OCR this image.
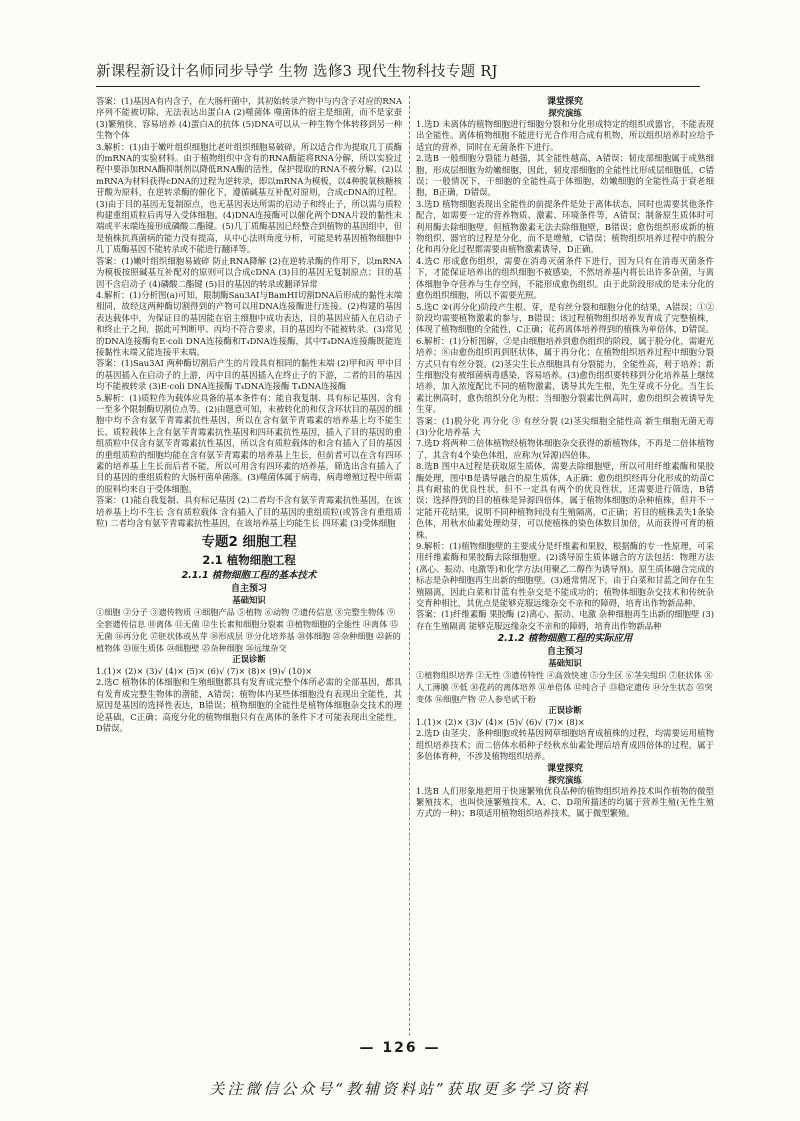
新课程新设计名师同步导学 生物 选修3 现代生物科技专题 RJ

答案：(1)基因A有内含子，在大肠杆菌中，其初始转录产物中与内含子对应的RNA序列不能被切除，无法表达出蛋白A (2)噬菌体 噬菌体的宿主是细菌，而不是家蚕 (3)繁殖快、容易培养 (4)蛋白A的抗体 (5)DNA可以从一种生物个体转移到另一种生物个体

3.解析：(1)由于嫩叶组织细胞比老叶组织细胞易破碎，所以适合作为提取几丁质酶的mRNA的实验材料。由于植物组织中含有的RNA酶能将RNA分解，所以实验过程中要添加RNA酶抑制剂以降低RNA酶的活性，保护提取的RNA不被分解。(2)以mRNA为材料获得cDNA的过程为逆转录，即以mRNA为模板，以4种脱氧核糖核苷酸为原料，在逆转录酶的催化下，遵循碱基互补配对原则，合成cDNA的过程。(3)由于目的基因无复制原点，也无基因表达所需的启动子和终止子，所以需与质粒构建重组质粒后再导入受体细胞。(4)DNA连接酶可以催化两个DNA片段的黏性末端或平末端连接形成磷酸二酯键。(5)几丁质酶基因已经整合到植物的基因组中，但是植株抗真菌病的能力没有提高，从中心法则角度分析，可能是转基因植物细胞中几丁质酶基因不能转录或不能进行翻译等。

答案：(1)嫩叶组织细胞易破碎 防止RNA降解 (2)在逆转录酶的作用下，以mRNA为模板按照碱基互补配对的原则可以合成cDNA (3)目的基因无复制原点；目的基因不含启动子 (4)磷酸二酯键 (5)目的基因的转录或翻译异常

4.解析：(1)分析图(a)可知，限制酶Sau3AⅠ与BamHⅠ切割DNA后形成的黏性末端相同，故经这两种酶切割得到的产物可以用DNA连接酶进行连接。(2)构建的基因表达载体中，为保证目的基因能在宿主细胞中成功表达，目的基因应插入在启动子和终止子之间，据此可判断甲、丙均不符合要求，目的基因均不能被转录。(3)常见的DNA连接酶有E·coli DNA连接酶和T₄DNA连接酶，其中T₄DNA连接酶既能连接黏性末端又能连接平末端。

答案：(1)Sau3AⅠ 两种酶切割后产生的片段具有相同的黏性末端 (2)甲和丙 甲中目的基因插入在启动子的上游，丙中目的基因插入在终止子的下游，二者的目的基因均不能被转录 (3)E·coli DNA连接酶 T₄DNA连接酶 T₄DNA连接酶

5.解析：(1)质粒作为载体应具备的基本条件有：能自我复制、具有标记基因、含有一至多个限制酶切割位点等。(2)由题意可知，未被转化的和仅含环状目的基因的细胞中均不含有氨苄青霉素抗性基因，所以在含有氨苄青霉素的培养基上均不能生长。质粒载体上含有氨苄青霉素抗性基因和四环素抗性基因，插入了目的基因的重组质粒中仅含有氨苄青霉素抗性基因，所以含有质粒载体的和含有插入了目的基因的重组质粒的细胞均能在含有氨苄青霉素的培养基上生长，但前者可以在含有四环素的培养基上生长而后者不能，所以可用含有四环素的培养基，筛选出含有插入了目的基因的重组质粒的大肠杆菌单菌落。(3)噬菌体属于病毒，病毒增殖过程中所需的原料均来自于受体细胞。

答案：(1)能自我复制、具有标记基因 (2)二者均不含有氨苄青霉素抗性基因，在该培养基上均不生长 含有质粒载体 含有插入了目的基因的重组质粒(或答含有重组质粒) 二者均含有氨苄青霉素抗性基因，在该培养基上均能生长 四环素 (3)受体细胞

专题2 细胞工程
2.1 植物细胞工程
2.1.1 植物细胞工程的基本技术
自主预习
基础知识

①细胞 ②分子 ③遗传物质 ④细胞产品 ⑤植物 ⑥动物 ⑦遗传信息 ⑧完整生物体 ⑨全套遗传信息 ⑩离体 ⑪无菌 ⑫生长素和细胞分裂素 ⑬植物细胞的全能性 ⑭离体 ⑮无菌 ⑯再分化 ⑰胚状体或丛芽 ⑱形成层 ⑲分化培养基 ⑳体细胞 ㉑杂种细胞 ㉒新的植物体 ㉓原生质体 ㉔细胞壁 ㉕杂种细胞 ㉖远缘杂交

正误诊断

1.(1)× (2)× (3)√ (4)× (5)× (6)√ (7)× (8)× (9)√ (10)×

2.选C 植物体的体细胞和生殖细胞都具有发育成完整个体所必需的全部基因，都具有发育成完整生物体的潜能，A错误；植物体内某些体细胞没有表现出全能性，其原因是基因的选择性表达，B错误；植物细胞的全能性是植物体细胞杂交技术的理论基础，C正确；高度分化的植物细胞只有在离体的条件下才可能表现出全能性，D错误。

课堂探究
探究演练

1.选D 未离体的植物细胞进行细胞分裂和分化形成特定的组织或器官，不能表现出全能性。离体植物细胞不能进行光合作用合成有机物，所以组织培养时应给予适宜的营养，同时在无菌条件下进行。

2.选B 一般细胞分裂能力越强，其全能性越高，A错误；韧皮部细胞属于成熟细胞，形成层细胞为幼嫩细胞，因此，韧皮部细胞的全能性比形成层细胞低，C错误；一般情况下，干细胞的全能性高于体细胞，幼嫩细胞的全能性高于衰老细胞，B正确，D错误。

3.选D 植物细胞表现出全能性的前提条件是处于离体状态，同时也需要其他条件配合，如需要一定的营养物质、激素、环境条件等，A错误；制备原生质体时可利用酶去除细胞壁，但植物激素无法去除细胞壁，B错误；愈伤组织形成新的植物组织、器官的过程是分化，而不是增殖，C错误；植物组织培养过程中的脱分化和再分化过程都需要由植物激素诱导，D正确。

4.选C 形成愈伤组织，需要在消毒灭菌条件下进行，因为只有在消毒灭菌条件下，才能保证培养出的组织细胞不被感染，不然培养基内将长出许多杂菌，与离体细胞争夺营养与生存空间，不能形成愈伤组织。由于此阶段形成的是未分化的愈伤组织细胞，所以不需要光照。

5.选C ②(再分化)阶段产生根、芽，是有丝分裂和细胞分化的结果，A错误；①②阶段均需要植物激素的参与，B错误；该过程植物组织培养发育成了完整植株，体现了植物细胞的全能性，C正确；花药离体培养得到的植株为单倍体，D错误。

6.解析：(1)分析图解，②是由细胞培养到愈伤组织的阶段，属于脱分化，需避光培养；⑧由愈伤组织再到胚状体，属于再分化；在植物组织培养过程中细胞分裂方式只有有丝分裂。(2)茎尖生长点细胞具有分裂能力，全能性高，利于培养；新生细胞没有被细菌病毒感染，容易培养。(3)愈伤组织要转移到分化培养基上继续培养，加入浓度配比不同的植物激素，诱导其先生根，先生芽或不分化。当生长素比例高时，愈伤组织分化为根；当细胞分裂素比例高时，愈伤组织会被诱导先生芽。

答案：(1)脱分化 再分化 ③ 有丝分裂 (2)茎尖细胞全能性高 新生细胞无菌无毒 (3)分化培养基 大

7.选D 将两种二倍体植物经植物体细胞杂交获得的新植物体，不再是二倍体植物了，其含有4个染色体组，应称为(异源)四倍体。

8.选B 图中A过程是获取原生质体，需要去除细胞壁，所以可用纤维素酶和果胶酶处理，图中B是诱导融合的原生质体，A正确；愈伤组织经再分化形成的幼苗C具有耐盐的优良性状，但不一定具有两个的优良性状，还需要进行筛选，B错误；选择得到的目的植株是异源四倍体，属于植物体细胞的杂种植株，但并不一定能开花结果，说明不同种植物间没有生殖隔离，C正确；若目的植株丢失1条染色体，用秋水仙素处理幼芽，可以使植株的染色体数目加倍，从而获得可育的植株。

9.解析：(1)植物细胞壁的主要成分是纤维素和果胶，根据酶的专一性原理，可采用纤维素酶和果胶酶去除细胞壁。(2)诱导原生质体融合的方法包括：物理方法(离心、振动、电激等)和化学方法(用聚乙二醇作为诱导剂)。原生质体融合完成的标志是杂种细胞再生出新的细胞壁。(3)通常情况下，由于白菜和甘蓝之间存在生殖隔离，因此白菜和甘蓝有性杂交是不能成功的；植物体细胞杂交技术和传统杂交育种相比，其优点是能够克服远缘杂交不亲和的障碍，培育出作物新品种。

答案：(1)纤维素酶 果胶酶 (2)离心、振动、电激 杂种细胞再生出新的细胞壁 (3)存在生殖隔离 能够克服远缘杂交不亲和的障碍，培育出作物新品种

2.1.2 植物细胞工程的实际应用
自主预习
基础知识

①植物组织培养 ②无性 ③遗传特性 ④高效快速 ⑤分生区 ⑥茎尖组织 ⑦胚状体 ⑧人工薄膜 ⑨低 ⑩花药的离体培养 ⑪单倍体 ⑫纯合子 ⑬稳定遗传 ⑭分生状态 ⑮突变体 ⑯细胞产物 ⑰人参皂甙干粉

正误诊断

1.(1)× (2)× (3)√ (4)× (5)√ (6)√ (7)× (8)×

2.选D 由茎尖、条种细胞或转基因网草细胞培育成植株的过程，均需要运用植物组织培养技术；而二倍体水稻种子经秋水仙素处理后培育成四倍体的过程，属于多倍体育种，不涉及植物组织培养。

课堂探究
探究演练

1.选B 人们形象地把用于快速繁殖优良品种的植物组织培养技术叫作植物的微型繁殖技术，也叫快速繁殖技术，A、C、D项所描述的均属于营养生殖(无性生殖方式的一种)；B项适用植物组织培养技术，属于微型繁殖。

— 126 —
关注微信公众号“教辅资料站”获取更多学习资料
